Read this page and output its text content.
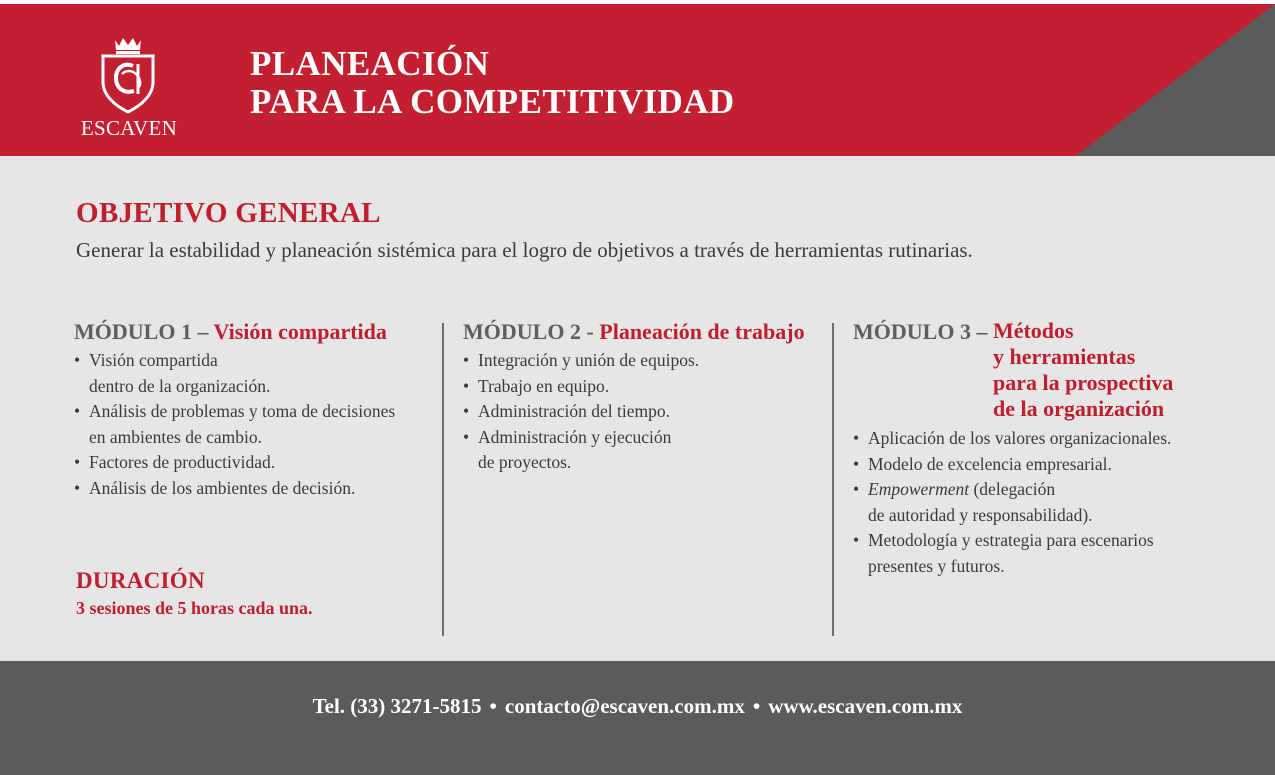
ESCAVEN
PLANEACIÓN
PARA LA COMPETITIVIDAD
OBJETIVO GENERAL
Generar la estabilidad y planeación sistémica para el logro de objetivos a través de herramientas rutinarias.
MÓDULO 1 – Visión compartida
• Visión compartida
dentro de la organización.
• Análisis de problemas y toma de decisiones
en ambientes de cambio.
• Factores de productividad.
• Análisis de los ambientes de decisión.
MÓDULO 2 - Planeación de trabajo
• Integración y unión de equipos.
• Trabajo en equipo.
• Administración del tiempo.
• Administración y ejecución
de proyectos.
MÓDULO 3 – Métodos
y herramientas
para la prospectiva
de la organización
• Aplicación de los valores organizacionales.
• Modelo de excelencia empresarial.
• Empowerment (delegación
de autoridad y responsabilidad).
• Metodología y estrategia para escenarios
presentes y futuros.
DURACIÓN
3 sesiones de 5 horas cada una.
Tel. (33) 3271-5815 • contacto@escaven.com.mx • www.escaven.com.mx
